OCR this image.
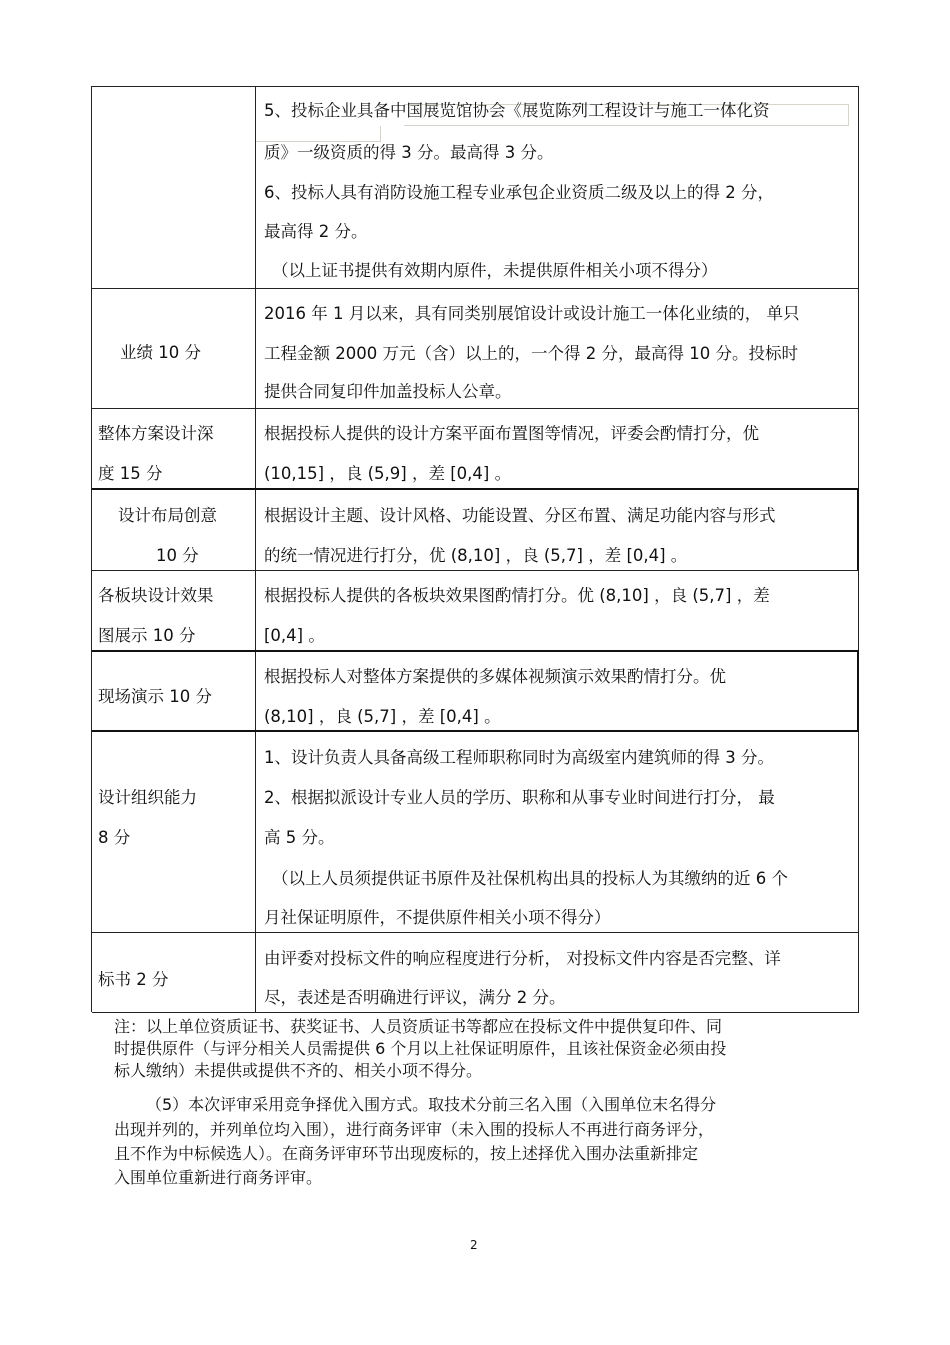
5、投标企业具备中国展览馆协会《展览陈列工程设计与施工一体化资
质》一级资质的得 3 分。最高得 3 分。
6、投标人具有消防设施工程专业承包企业资质二级及以上的得 2 分，
最高得 2 分。
（以上证书提供有效期内原件，未提供原件相关小项不得分）
业绩 10 分
2016 年 1 月以来，具有同类别展馆设计或设计施工一体化业绩的， 单只
工程金额 2000 万元（含）以上的，一个得 2 分，最高得 10 分。投标时
提供合同复印件加盖投标人公章。
整体方案设计深
度 15 分
根据投标人提供的设计方案平面布置图等情况，评委会酌情打分，优
(10,15] ，良 (5,9] ，差 [0,4] 。
设计布局创意
10 分
根据设计主题、设计风格、功能设置、分区布置、满足功能内容与形式
的统一情况进行打分，优 (8,10] ，良 (5,7] ，差 [0,4] 。
各板块设计效果
图展示 10 分
根据投标人提供的各板块效果图酌情打分。优 (8,10] ，良 (5,7] ，差
[0,4] 。
现场演示 10 分
根据投标人对整体方案提供的多媒体视频演示效果酌情打分。优
(8,10] ，良 (5,7] ，差 [0,4] 。
设计组织能力
8 分
1、设计负责人具备高级工程师职称同时为高级室内建筑师的得 3 分。
2、根据拟派设计专业人员的学历、职称和从事专业时间进行打分， 最
高 5 分。
（以上人员须提供证书原件及社保机构出具的投标人为其缴纳的近 6 个
月社保证明原件，不提供原件相关小项不得分）
标书 2 分
由评委对投标文件的响应程度进行分析， 对投标文件内容是否完整、详
尽，表述是否明确进行评议，满分 2 分。
注：以上单位资质证书、获奖证书、人员资质证书等都应在投标文件中提供复印件、同
时提供原件（与评分相关人员需提供 6 个月以上社保证明原件，且该社保资金必须由投
标人缴纳）未提供或提供不齐的、相关小项不得分。
（5）本次评审采用竞争择优入围方式。取技术分前三名入围（入围单位末名得分
出现并列的，并列单位均入围），进行商务评审（未入围的投标人不再进行商务评分，
且不作为中标候选人）。在商务评审环节出现废标的，按上述择优入围办法重新排定
入围单位重新进行商务评审。
2
